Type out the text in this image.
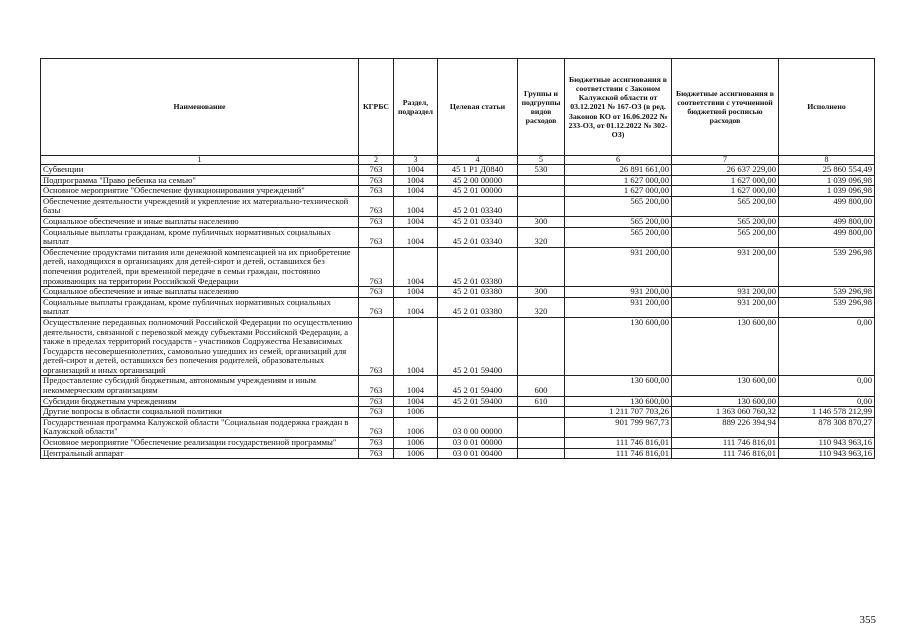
Наименование	КГРБС	Раздел, подраздел	Целевая статьи	Группы и подгруппы видов расходов	Бюджетные ассигнования в соответствии с Законом Калужской области от 03.12.2021 № 167-ОЗ (в ред. Законов КО от 16.06.2022 № 233-ОЗ, от 01.12.2022 № 302-ОЗ)	Бюджетные ассигнования в соответствии с уточненной бюджетной росписью расходов	Исполнено
1	2	3	4	5	6	7	8
Субвенции	763	1004	45 1 P1 Д0840	530	26 891 661,00	26 637 229,00	25 860 554,49
Подпрограмма "Право ребенка на семью"	763	1004	45 2 00 00000		1 627 000,00	1 627 000,00	1 039 096,98
Основное мероприятие "Обеспечение функционирования учреждений"	763	1004	45 2 01 00000		1 627 000,00	1 627 000,00	1 039 096,98
Обеспечение деятельности учреждений и укрепление их материально-технической базы	763	1004	45 2 01 03340		565 200,00	565 200,00	499 800,00
Социальное обеспечение и иные выплаты населению	763	1004	45 2 01 03340	300	565 200,00	565 200,00	499 800,00
Социальные выплаты гражданам, кроме публичных нормативных социальных выплат	763	1004	45 2 01 03340	320	565 200,00	565 200,00	499 800,00
Обеспечение продуктами питания или денежной компенсацией на их приобретение детей, находящихся в организациях для детей-сирот и детей, оставшихся без попечения родителей, при временной передаче в семьи граждан, постоянно проживающих на территории Российской Федерации	763	1004	45 2 01 03380		931 200,00	931 200,00	539 296,98
Социальное обеспечение и иные выплаты населению	763	1004	45 2 01 03380	300	931 200,00	931 200,00	539 296,98
Социальные выплаты гражданам, кроме публичных нормативных социальных выплат	763	1004	45 2 01 03380	320	931 200,00	931 200,00	539 296,98
Осуществление переданных полномочий Российской Федерации по осуществлению деятельности, связанной с перевозкой между субъектами Российской Федерации, а также в пределах территорий государств - участников Содружества Независимых Государств несовершеннолетних, самовольно ушедших из семей, организаций для детей-сирот и детей, оставшихся без попечения родителей, образовательных организаций и иных организаций	763	1004	45 2 01 59400		130 600,00	130 600,00	0,00
Предоставление субсидий бюджетным, автономным учреждениям и иным некоммерческим организациям	763	1004	45 2 01 59400	600	130 600,00	130 600,00	0,00
Субсидии бюджетным учреждениям	763	1004	45 2 01 59400	610	130 600,00	130 600,00	0,00
Другие вопросы в области социальной политики	763	1006			1 211 707 703,26	1 363 060 760,32	1 146 578 212,99
Государственная программа Калужской области "Социальная поддержка граждан в Калужской области"	763	1006	03 0 00 00000		901 799 967,73	889 226 394,94	878 308 870,27
Основное мероприятие "Обеспечение реализации государственной программы"	763	1006	03 0 01 00000		111 746 816,01	111 746 816,01	110 943 963,16
Центральный аппарат	763	1006	03 0 01 00400		111 746 816,01	111 746 816,01	110 943 963,16
355
